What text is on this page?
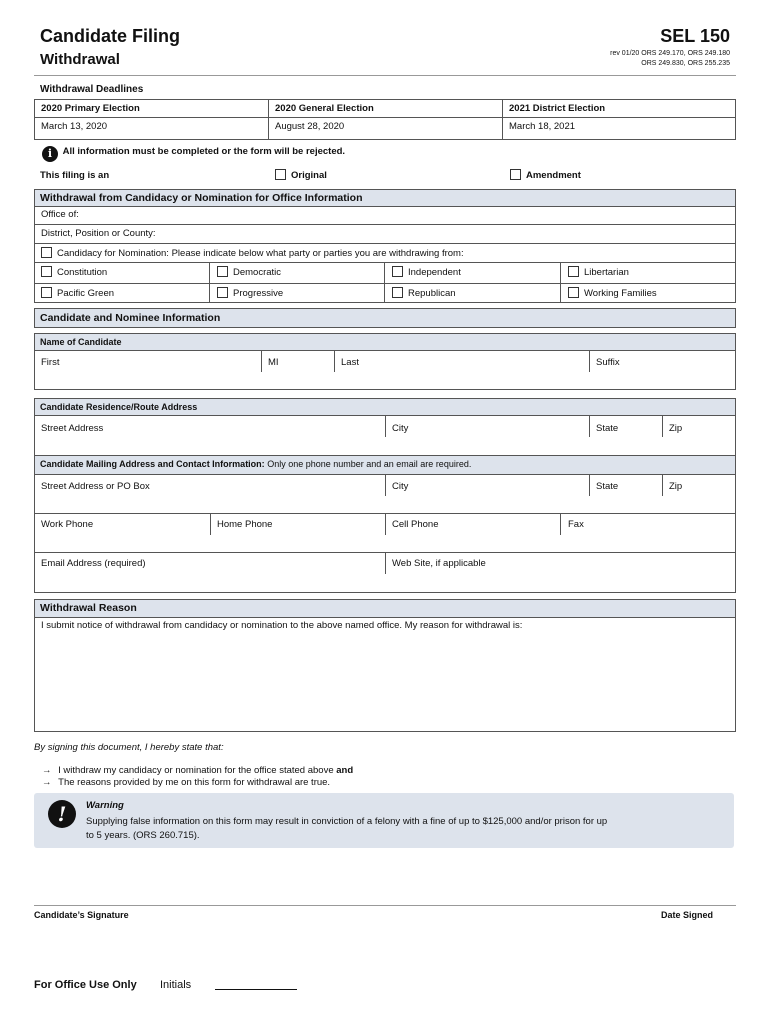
Candidate Filing
Withdrawal
SEL 150
rev 01/20 ORS 249.170, ORS 249.180
ORS 249.830, ORS 255.235
Withdrawal Deadlines
2020 Primary Election	2020 General Election	2021 District Election
March 13, 2020	August 28, 2020	March 18, 2021
i All information must be completed or the form will be rejected.
This filing is an	Original	Amendment
Withdrawal from Candidacy or Nomination for Office Information
Office of:
District, Position or County:
Candidacy for Nomination: Please indicate below what party or parties you are withdrawing from:
Constitution	Democratic	Independent	Libertarian
Pacific Green	Progressive	Republican	Working Families
Candidate and Nominee Information
Name of Candidate
First	MI	Last	Suffix
Candidate Residence/Route Address
Street Address	City	State	Zip
Candidate Mailing Address and Contact Information: Only one phone number and an email are required.
Street Address or PO Box	City	State	Zip
Work Phone	Home Phone	Cell Phone	Fax
Email Address (required)	Web Site, if applicable
Withdrawal Reason
I submit notice of withdrawal from candidacy or nomination to the above named office. My reason for withdrawal is:
By signing this document, I hereby state that:
→ I withdraw my candidacy or nomination for the office stated above and
→ The reasons provided by me on this form for withdrawal are true.
!	Warning
Supplying false information on this form may result in conviction of a felony with a fine of up to $125,000 and/or prison for up
to 5 years. (ORS 260.715).
Candidate’s Signature	Date Signed
For Office Use Only Initials
